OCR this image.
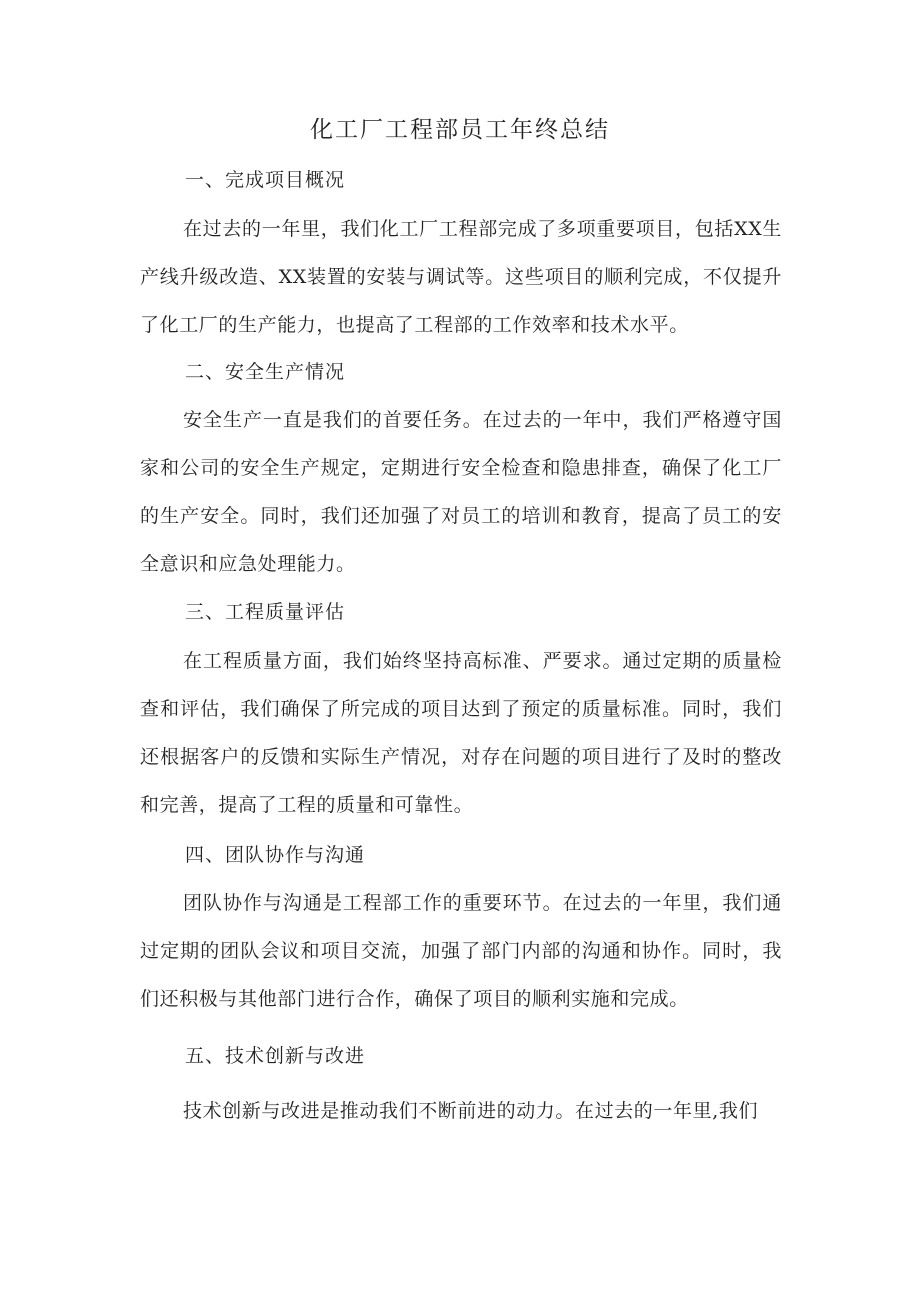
化工厂工程部员工年终总结
一、完成项目概况

在过去的一年里，我们化工厂工程部完成了多项重要项目，包括XX生产线升级改造、XX装置的安装与调试等。这些项目的顺利完成，不仅提升了化工厂的生产能力，也提高了工程部的工作效率和技术水平。

二、安全生产情况

安全生产一直是我们的首要任务。在过去的一年中，我们严格遵守国家和公司的安全生产规定，定期进行安全检查和隐患排查，确保了化工厂的生产安全。同时，我们还加强了对员工的培训和教育，提高了员工的安全意识和应急处理能力。

三、工程质量评估

在工程质量方面，我们始终坚持高标准、严要求。通过定期的质量检查和评估，我们确保了所完成的项目达到了预定的质量标准。同时，我们还根据客户的反馈和实际生产情况，对存在问题的项目进行了及时的整改和完善，提高了工程的质量和可靠性。

四、团队协作与沟通

团队协作与沟通是工程部工作的重要环节。在过去的一年里，我们通过定期的团队会议和项目交流，加强了部门内部的沟通和协作。同时，我们还积极与其他部门进行合作，确保了项目的顺利实施和完成。

五、技术创新与改进

技术创新与改进是推动我们不断前进的动力。在过去的一年里,我们
